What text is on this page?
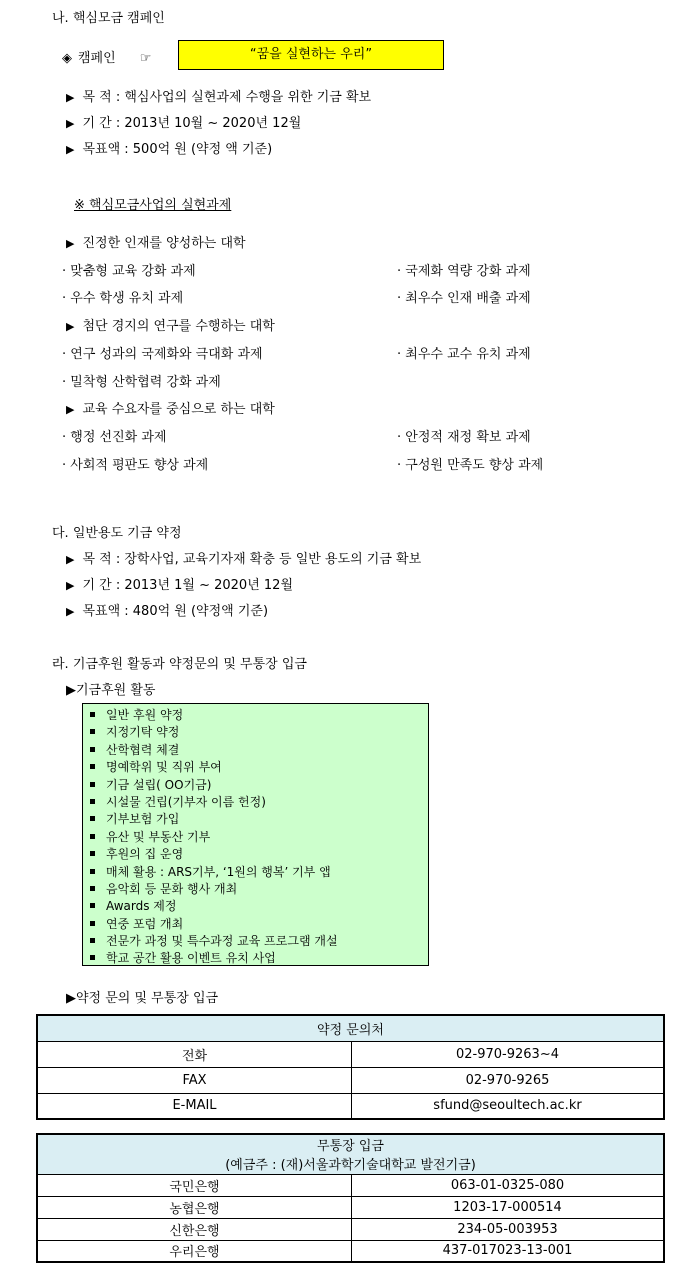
나. 핵심모금 캠페인
◈ 캠페인 ☞	“꿈을 실현하는 우리”
▶ 목 적 : 핵심사업의 실현과제 수행을 위한 기금 확보
▶ 기 간 : 2013년 10월 ~ 2020년 12월
▶ 목표액 : 500억 원 (약정 액 기준)
※ 핵심모금사업의 실현과제
▶ 진정한 인재를 양성하는 대학
· 맞춤형 교육 강화 과제	· 국제화 역량 강화 과제
· 우수 학생 유치 과제	· 최우수 인재 배출 과제
▶ 첨단 경지의 연구를 수행하는 대학
· 연구 성과의 국제화와 극대화 과제	· 최우수 교수 유치 과제
· 밀착형 산학협력 강화 과제
▶ 교육 수요자를 중심으로 하는 대학
· 행정 선진화 과제	· 안정적 재정 확보 과제
· 사회적 평판도 향상 과제	· 구성원 만족도 향상 과제
다. 일반용도 기금 약정
▶ 목 적 : 장학사업, 교육기자재 확충 등 일반 용도의 기금 확보
▶ 기 간 : 2013년 1월 ~ 2020년 12월
▶ 목표액 : 480억 원 (약정액 기준)
라. 기금후원 활동과 약정문의 및 무통장 입금
▶기금후원 활동
일반 후원 약정
지정기탁 약정
산학협력 체결
명예학위 및 직위 부여
기금 설립( OO기금)
시설물 건립(기부자 이름 헌정)
기부보험 가입
유산 및 부동산 기부
후원의 집 운영
매체 활용 : ARS기부, ‘1원의 행복’ 기부 앱
음악회 등 문화 행사 개최
Awards 제정
연중 포럼 개최
전문가 과정 및 특수과정 교육 프로그램 개설
학교 공간 활용 이벤트 유치 사업
▶약정 문의 및 무통장 입금
약정 문의처	
전화	02-970-9263~4
FAX	02-970-9265
E-MAIL	sfund@seoultech.ac.kr
무통장 입금
(예금주 : (재)서울과학기술대학교 발전기금)	

국민은행	063-01-0325-080
농협은행	1203-17-000514
신한은행	234-05-003953
우리은행	437-017023-13-001
